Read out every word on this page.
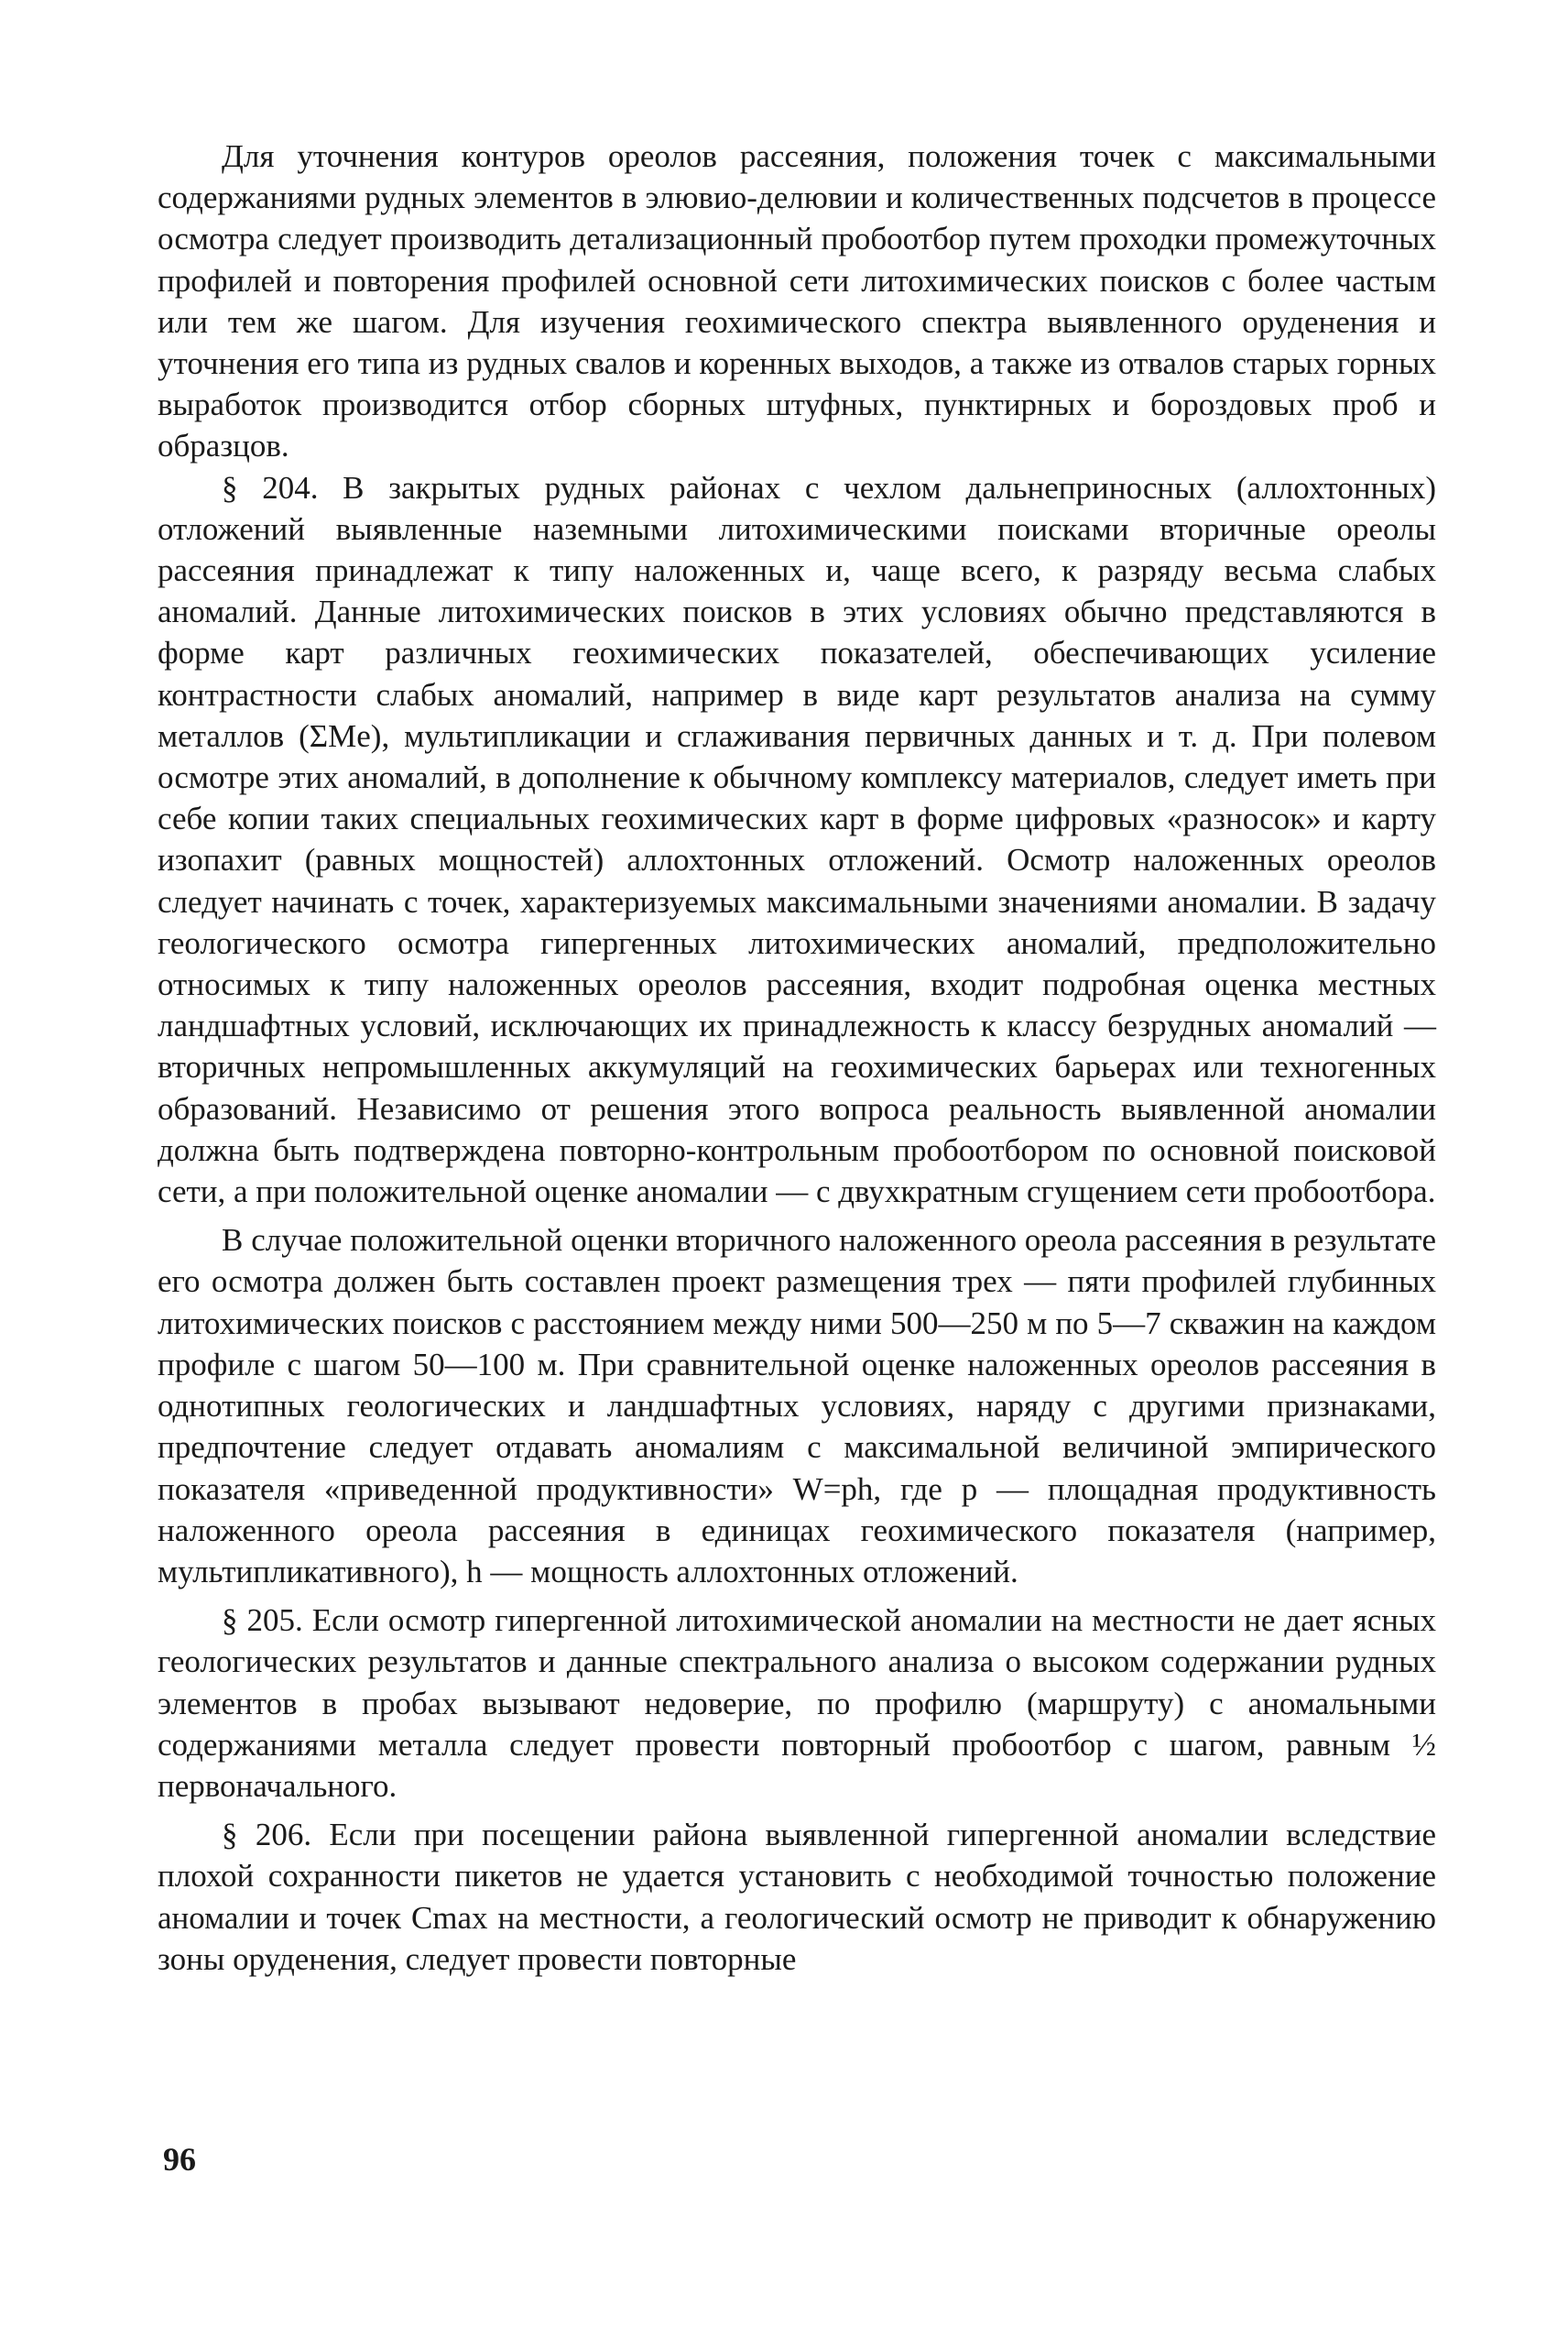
Для уточнения контуров ореолов рассеяния, положения точек с максимальными содержаниями рудных элементов в элювио-делювии и количественных подсчетов в процессе осмотра следует производить детализационный пробоотбор путем проходки промежуточных профилей и повторения профилей основной сети литохимических поисков с более частым или тем же шагом. Для изучения геохимического спектра выявленного оруденения и уточнения его типа из рудных свалов и коренных выходов, а также из отвалов старых горных выработок производится отбор сборных штуфных, пунктирных и бороздовых проб и образцов.

§ 204. В закрытых рудных районах с чехлом дальнеприносных (аллохтонных) отложений выявленные наземными литохимическими поисками вторичные ореолы рассеяния принадлежат к типу наложенных и, чаще всего, к разряду весьма слабых аномалий. Данные литохимических поисков в этих условиях обычно представляются в форме карт различных геохимических показателей, обеспечивающих усиление контрастности слабых аномалий, например в виде карт результатов анализа на сумму металлов (ΣMe), мультипликации и сглаживания первичных данных и т. д. При полевом осмотре этих аномалий, в дополнение к обычному комплексу материалов, следует иметь при себе копии таких специальных геохимических карт в форме цифровых «разносок» и карту изопахит (равных мощностей) аллохтонных отложений. Осмотр наложенных ореолов следует начинать с точек, характеризуемых максимальными значениями аномалии. В задачу геологического осмотра гипергенных литохимических аномалий, предположительно относимых к типу наложенных ореолов рассеяния, входит подробная оценка местных ландшафтных условий, исключающих их принадлежность к классу безрудных аномалий — вторичных непромышленных аккумуляций на геохимических барьерах или техногенных образований. Независимо от решения этого вопроса реальность выявленной аномалии должна быть подтверждена повторно-контрольным пробоотбором по основной поисковой сети, а при положительной оценке аномалии — с двухкратным сгущением сети пробоотбора.

В случае положительной оценки вторичного наложенного ореола рассеяния в результате его осмотра должен быть составлен проект размещения трех — пяти профилей глубинных литохимических поисков с расстоянием между ними 500—250 м по 5—7 скважин на каждом профиле с шагом 50—100 м. При сравнительной оценке наложенных ореолов рассеяния в однотипных геологических и ландшафтных условиях, наряду с другими признаками, предпочтение следует отдавать аномалиям с максимальной величиной эмпирического показателя «приведенной продуктивности» W=ph, где p — площадная продуктивность наложенного ореола рассеяния в единицах геохимического показателя (например, мультипликативного), h — мощность аллохтонных отложений.

§ 205. Если осмотр гипергенной литохимической аномалии на местности не дает ясных геологических результатов и данные спектрального анализа о высоком содержании рудных элементов в пробах вызывают недоверие, по профилю (маршруту) с аномальными содержаниями металла следует провести повторный пробоотбор с шагом, равным ½ первоначального.

§ 206. Если при посещении района выявленной гипергенной аномалии вследствие плохой сохранности пикетов не удается установить с необходимой точностью положение аномалии и точек Cmax на местности, а геологический осмотр не приводит к обнаружению зоны оруденения, следует провести повторные

96
